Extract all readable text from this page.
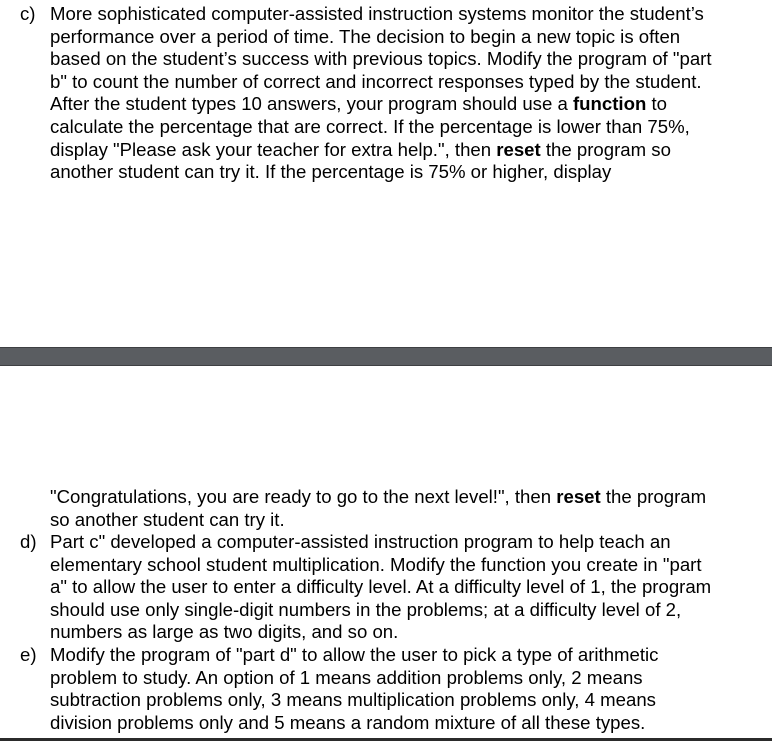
c) More sophisticated computer-assisted instruction systems monitor the student’s
performance over a period of time. The decision to begin a new topic is often
based on the student’s success with previous topics. Modify the program of "part
b" to count the number of correct and incorrect responses typed by the student.
After the student types 10 answers, your program should use a function to
calculate the percentage that are correct. If the percentage is lower than 75%,
display "Please ask your teacher for extra help.", then reset the program so
another student can try it. If the percentage is 75% or higher, display
"Congratulations, you are ready to go to the next level!", then reset the program
so another student can try it.
d) Part c" developed a computer-assisted instruction program to help teach an
elementary school student multiplication. Modify the function you create in "part
a" to allow the user to enter a difficulty level. At a difficulty level of 1, the program
should use only single-digit numbers in the problems; at a difficulty level of 2,
numbers as large as two digits, and so on.
e) Modify the program of "part d" to allow the user to pick a type of arithmetic
problem to study. An option of 1 means addition problems only, 2 means
subtraction problems only, 3 means multiplication problems only, 4 means
division problems only and 5 means a random mixture of all these types.
